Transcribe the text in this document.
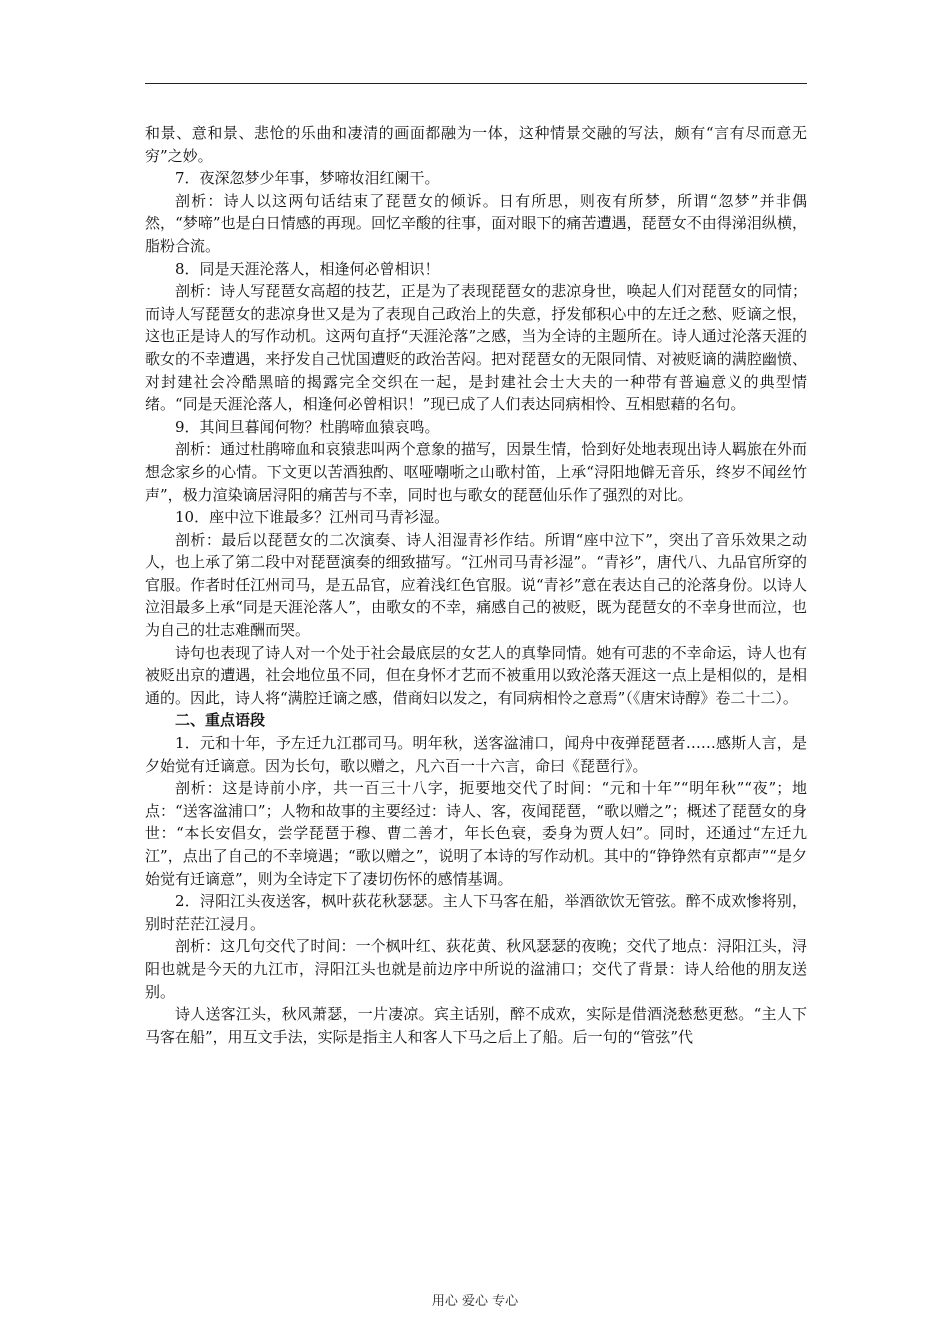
和景、意和景、悲怆的乐曲和凄清的画面都融为一体，这种情景交融的写法，颇有“言有尽而意无穷”之妙。

7．夜深忽梦少年事，梦啼妆泪红阑干。

剖析：诗人以这两句话结束了琵琶女的倾诉。日有所思，则夜有所梦，所谓“忽梦”并非偶然，“梦啼”也是白日情感的再现。回忆辛酸的往事，面对眼下的痛苦遭遇，琵琶女不由得涕泪纵横，脂粉合流。

8．同是天涯沦落人，相逢何必曾相识！

剖析：诗人写琵琶女高超的技艺，正是为了表现琵琶女的悲凉身世，唤起人们对琵琶女的同情；而诗人写琵琶女的悲凉身世又是为了表现自己政治上的失意，抒发郁积心中的左迁之愁、贬谪之恨，这也正是诗人的写作动机。这两句直抒“天涯沦落”之感，当为全诗的主题所在。诗人通过沦落天涯的歌女的不幸遭遇，来抒发自己忧国遭贬的政治苦闷。把对琵琶女的无限同情、对被贬谪的满腔幽愤、对封建社会冷酷黑暗的揭露完全交织在一起，是封建社会士大夫的一种带有普遍意义的典型情绪。“同是天涯沦落人，相逢何必曾相识！”现已成了人们表达同病相怜、互相慰藉的名句。

9．其间旦暮闻何物？杜鹃啼血猿哀鸣。

剖析：通过杜鹃啼血和哀猿悲叫两个意象的描写，因景生情，恰到好处地表现出诗人羁旅在外而想念家乡的心情。下文更以苦酒独酌、呕哑嘲哳之山歌村笛，上承“浔阳地僻无音乐，终岁不闻丝竹声”，极力渲染谪居浔阳的痛苦与不幸，同时也与歌女的琵琶仙乐作了强烈的对比。

10．座中泣下谁最多？江州司马青衫湿。

剖析：最后以琵琶女的二次演奏、诗人泪湿青衫作结。所谓“座中泣下”，突出了音乐效果之动人，也上承了第二段中对琵琶演奏的细致描写。“江州司马青衫湿”。“青衫”，唐代八、九品官所穿的官服。作者时任江州司马，是五品官，应着浅红色官服。说“青衫”意在表达自己的沦落身份。以诗人泣泪最多上承“同是天涯沦落人”，由歌女的不幸，痛感自己的被贬，既为琵琶女的不幸身世而泣，也为自己的壮志难酬而哭。

诗句也表现了诗人对一个处于社会最底层的女艺人的真挚同情。她有可悲的不幸命运，诗人也有被贬出京的遭遇，社会地位虽不同，但在身怀才艺而不被重用以致沦落天涯这一点上是相似的，是相通的。因此，诗人将“满腔迁谪之感，借商妇以发之，有同病相怜之意焉”（《唐宋诗醇》卷二十二）。

二、重点语段

1．元和十年，予左迁九江郡司马。明年秋，送客湓浦口，闻舟中夜弹琵琶者……感斯人言，是夕始觉有迁谪意。因为长句，歌以赠之，凡六百一十六言，命曰《琵琶行》。

剖析：这是诗前小序，共一百三十八字，扼要地交代了时间：“元和十年”“明年秋”“夜”；地点：“送客湓浦口”；人物和故事的主要经过：诗人、客，夜闻琵琶，“歌以赠之”；概述了琵琶女的身世：“本长安倡女，尝学琵琶于穆、曹二善才，年长色衰，委身为贾人妇”。同时，还通过“左迁九江”，点出了自己的不幸境遇；“歌以赠之”，说明了本诗的写作动机。其中的“铮铮然有京都声”“是夕始觉有迁谪意”，则为全诗定下了凄切伤怀的感情基调。

2．浔阳江头夜送客，枫叶荻花秋瑟瑟。主人下马客在船，举酒欲饮无管弦。醉不成欢惨将别，别时茫茫江浸月。

剖析：这几句交代了时间：一个枫叶红、荻花黄、秋风瑟瑟的夜晚；交代了地点：浔阳江头，浔阳也就是今天的九江市，浔阳江头也就是前边序中所说的湓浦口；交代了背景：诗人给他的朋友送别。

诗人送客江头，秋风萧瑟，一片凄凉。宾主话别，醉不成欢，实际是借酒浇愁愁更愁。“主人下马客在船”，用互文手法，实际是指主人和客人下马之后上了船。后一句的“管弦”代

用心 爱心 专心
